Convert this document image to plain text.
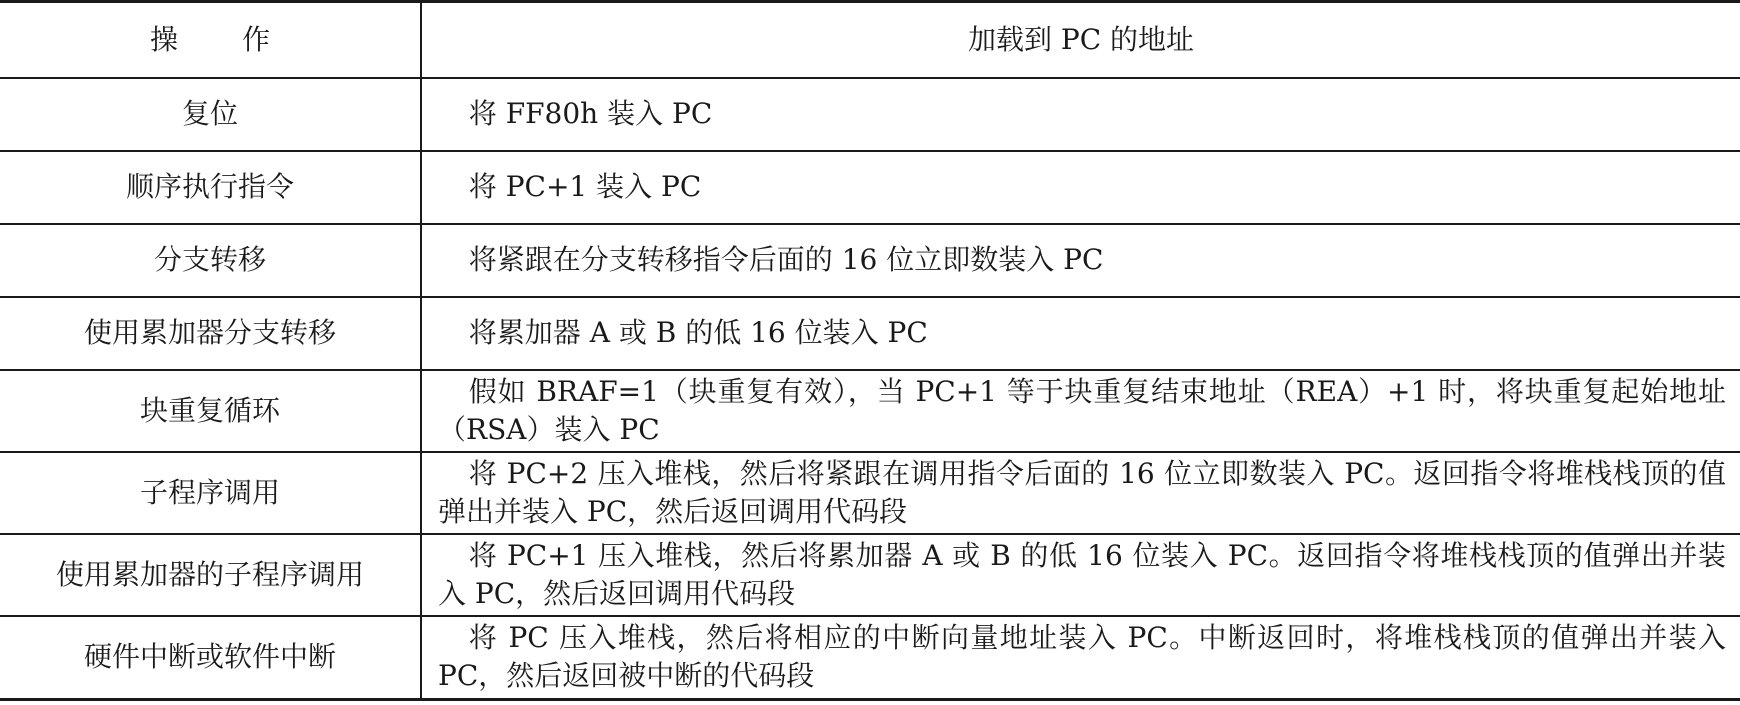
操作	加载到 PC 的地址
复位	将 FF80h 装入 PC
顺序执行指令	将 PC+1 装入 PC
分支转移	将紧跟在分支转移指令后面的 16 位立即数装入 PC
使用累加器分支转移	将累加器 A 或 B 的低 16 位装入 PC
块重复循环	假如 BRAF=1（块重复有效），当 PC+1 等于块重复结束地址（REA）+1 时，将块重复起始地址（RSA）装入 PC
子程序调用	将 PC+2 压入堆栈，然后将紧跟在调用指令后面的 16 位立即数装入 PC。返回指令将堆栈栈顶的值弹出并装入 PC，然后返回调用代码段
使用累加器的子程序调用	将 PC+1 压入堆栈，然后将累加器 A 或 B 的低 16 位装入 PC。返回指令将堆栈栈顶的值弹出并装入 PC，然后返回调用代码段
硬件中断或软件中断	将 PC 压入堆栈，然后将相应的中断向量地址装入 PC。中断返回时，将堆栈栈顶的值弹出并装入 PC，然后返回被中断的代码段
